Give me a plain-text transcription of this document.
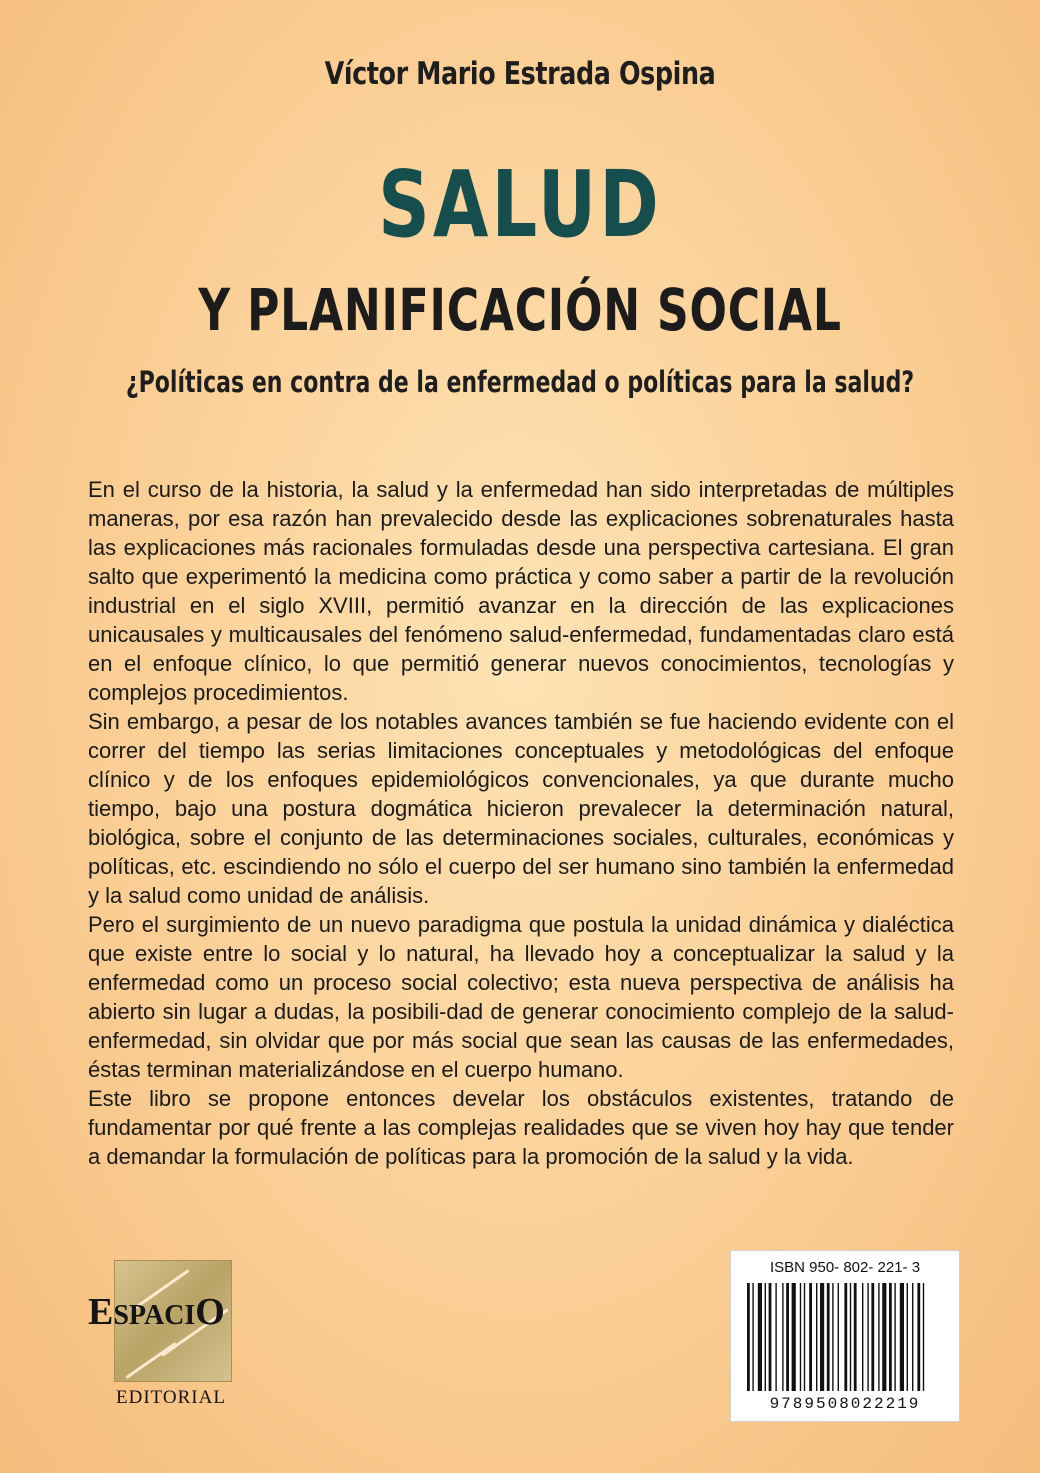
Víctor Mario Estrada Ospina
SALUD
Y PLANIFICACIÓN SOCIAL
¿Políticas en contra de la enfermedad o políticas para la salud?

En el curso de la historia, la salud y la enfermedad han sido interpretadas de múltiples maneras, por esa razón han prevalecido desde las explicaciones sobrenaturales hasta las explicaciones más racionales formuladas desde una perspectiva cartesiana. El gran salto que experimentó la medicina como práctica y como saber a partir de la revolución industrial en el siglo XVIII, permitió avanzar en la dirección de las explicaciones unicausales y multicausales del fenómeno salud-enfermedad, fundamentadas claro está en el enfoque clínico, lo que permitió generar nuevos conocimientos, tecnologías y complejos procedimientos.

Sin embargo, a pesar de los notables avances también se fue haciendo evidente con el correr del tiempo las serias limitaciones conceptuales y metodológicas del enfoque clínico y de los enfoques epidemiológicos convencionales, ya que durante mucho tiempo, bajo una postura dogmática hicieron prevalecer la determinación natural, biológica, sobre el conjunto de las determinaciones sociales, culturales, económicas y políticas, etc. escindiendo no sólo el cuerpo del ser humano sino también la enfermedad y la salud como unidad de análisis.

Pero el surgimiento de un nuevo paradigma que postula la unidad dinámica y dialéctica que existe entre lo social y lo natural, ha llevado hoy a conceptualizar la salud y la enfermedad como un proceso social colectivo; esta nueva perspectiva de análisis ha abierto sin lugar a dudas, la posibili-dad de generar conocimiento complejo de la salud-enfermedad, sin olvidar que por más social que sean las causas de las enfermedades, éstas terminan materializándose en el cuerpo humano.

Este libro se propone entonces develar los obstáculos existentes, tratando de fundamentar por qué frente a las complejas realidades que se viven hoy hay que tender a demandar la formulación de políticas para la promoción de la salud y la vida.

ESPACIO
EDITORIAL
ISBN 950- 802- 221- 3
9789508022219
